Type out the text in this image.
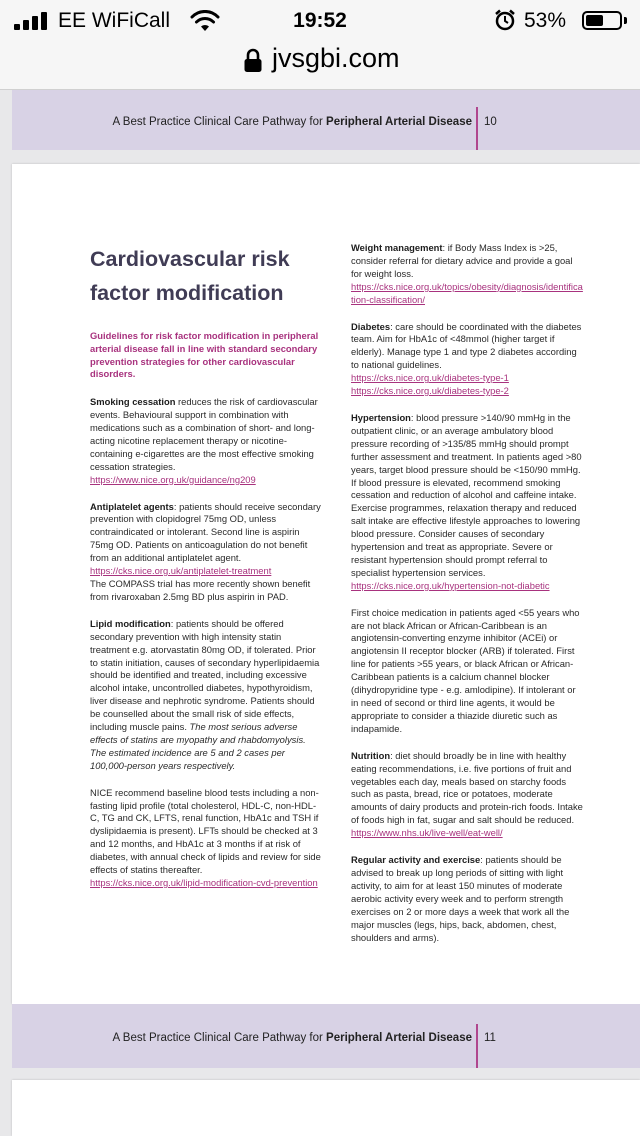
EE WiFiCall	19:52	53%
jvsgbi.com
A Best Practice Clinical Care Pathway for Peripheral Arterial Disease 10
Cardiovascular risk factor modification

Guidelines for risk factor modification in peripheral arterial disease fall in line with standard secondary prevention strategies for other cardiovascular disorders.

Smoking cessation reduces the risk of cardiovascular events. Behavioural support in combination with medications such as a combination of short- and long-acting nicotine replacement therapy or nicotine-containing e-cigarettes are the most effective smoking cessation strategies.
https://www.nice.org.uk/guidance/ng209

Antiplatelet agents: patients should receive secondary prevention with clopidogrel 75mg OD, unless contraindicated or intolerant. Second line is aspirin 75mg OD. Patients on anticoagulation do not benefit from an additional antiplatelet agent.
https://cks.nice.org.uk/antiplatelet-treatment
The COMPASS trial has more recently shown benefit from rivaroxaban 2.5mg BD plus aspirin in PAD.

Lipid modification: patients should be offered secondary prevention with high intensity statin treatment e.g. atorvastatin 80mg OD, if tolerated. Prior to statin initiation, causes of secondary hyperlipidaemia should be identified and treated, including excessive alcohol intake, uncontrolled diabetes, hypothyroidism, liver disease and nephrotic syndrome. Patients should be counselled about the small risk of side effects, including muscle pains. The most serious adverse effects of statins are myopathy and rhabdomyolysis. The estimated incidence are 5 and 2 cases per 100,000-person years respectively.

NICE recommend baseline blood tests including a non-fasting lipid profile (total cholesterol, HDL-C, non-HDL-C, TG and CK, LFTS, renal function, HbA1c and TSH if dyslipidaemia is present). LFTs should be checked at 3 and 12 months, and HbA1c at 3 months if at risk of diabetes, with annual check of lipids and review for side effects of statins thereafter.
https://cks.nice.org.uk/lipid-modification-cvd-prevention

Weight management: if Body Mass Index is >25, consider referral for dietary advice and provide a goal for weight loss.
https://cks.nice.org.uk/topics/obesity/diagnosis/identification-classification/

Diabetes: care should be coordinated with the diabetes team. Aim for HbA1c of <48mmol (higher target if elderly). Manage type 1 and type 2 diabetes according to national guidelines.
https://cks.nice.org.uk/diabetes-type-1
https://cks.nice.org.uk/diabetes-type-2

Hypertension: blood pressure >140/90 mmHg in the outpatient clinic, or an average ambulatory blood pressure recording of >135/85 mmHg should prompt further assessment and treatment. In patients aged >80 years, target blood pressure should be <150/90 mmHg. If blood pressure is elevated, recommend smoking cessation and reduction of alcohol and caffeine intake. Exercise programmes, relaxation therapy and reduced salt intake are effective lifestyle approaches to lowering blood pressure. Consider causes of secondary hypertension and treat as appropriate. Severe or resistant hypertension should prompt referral to specialist hypertension services.
https://cks.nice.org.uk/hypertension-not-diabetic

First choice medication in patients aged <55 years who are not black African or African-Caribbean is an angiotensin-converting enzyme inhibitor (ACEi) or angiotensin II receptor blocker (ARB) if tolerated. First line for patients >55 years, or black African or African-Caribbean patients is a calcium channel blocker (dihydropyridine type - e.g. amlodipine). If intolerant or in need of second or third line agents, it would be appropriate to consider a thiazide diuretic such as indapamide.

Nutrition: diet should broadly be in line with healthy eating recommendations, i.e. five portions of fruit and vegetables each day, meals based on starchy foods such as pasta, bread, rice or potatoes, moderate amounts of dairy products and protein-rich foods. Intake of foods high in fat, sugar and salt should be reduced.
https://www.nhs.uk/live-well/eat-well/

Regular activity and exercise: patients should be advised to break up long periods of sitting with light activity, to aim for at least 150 minutes of moderate aerobic activity every week and to perform strength exercises on 2 or more days a week that work all the major muscles (legs, hips, back, abdomen, chest, shoulders and arms).

A Best Practice Clinical Care Pathway for Peripheral Arterial Disease 11
